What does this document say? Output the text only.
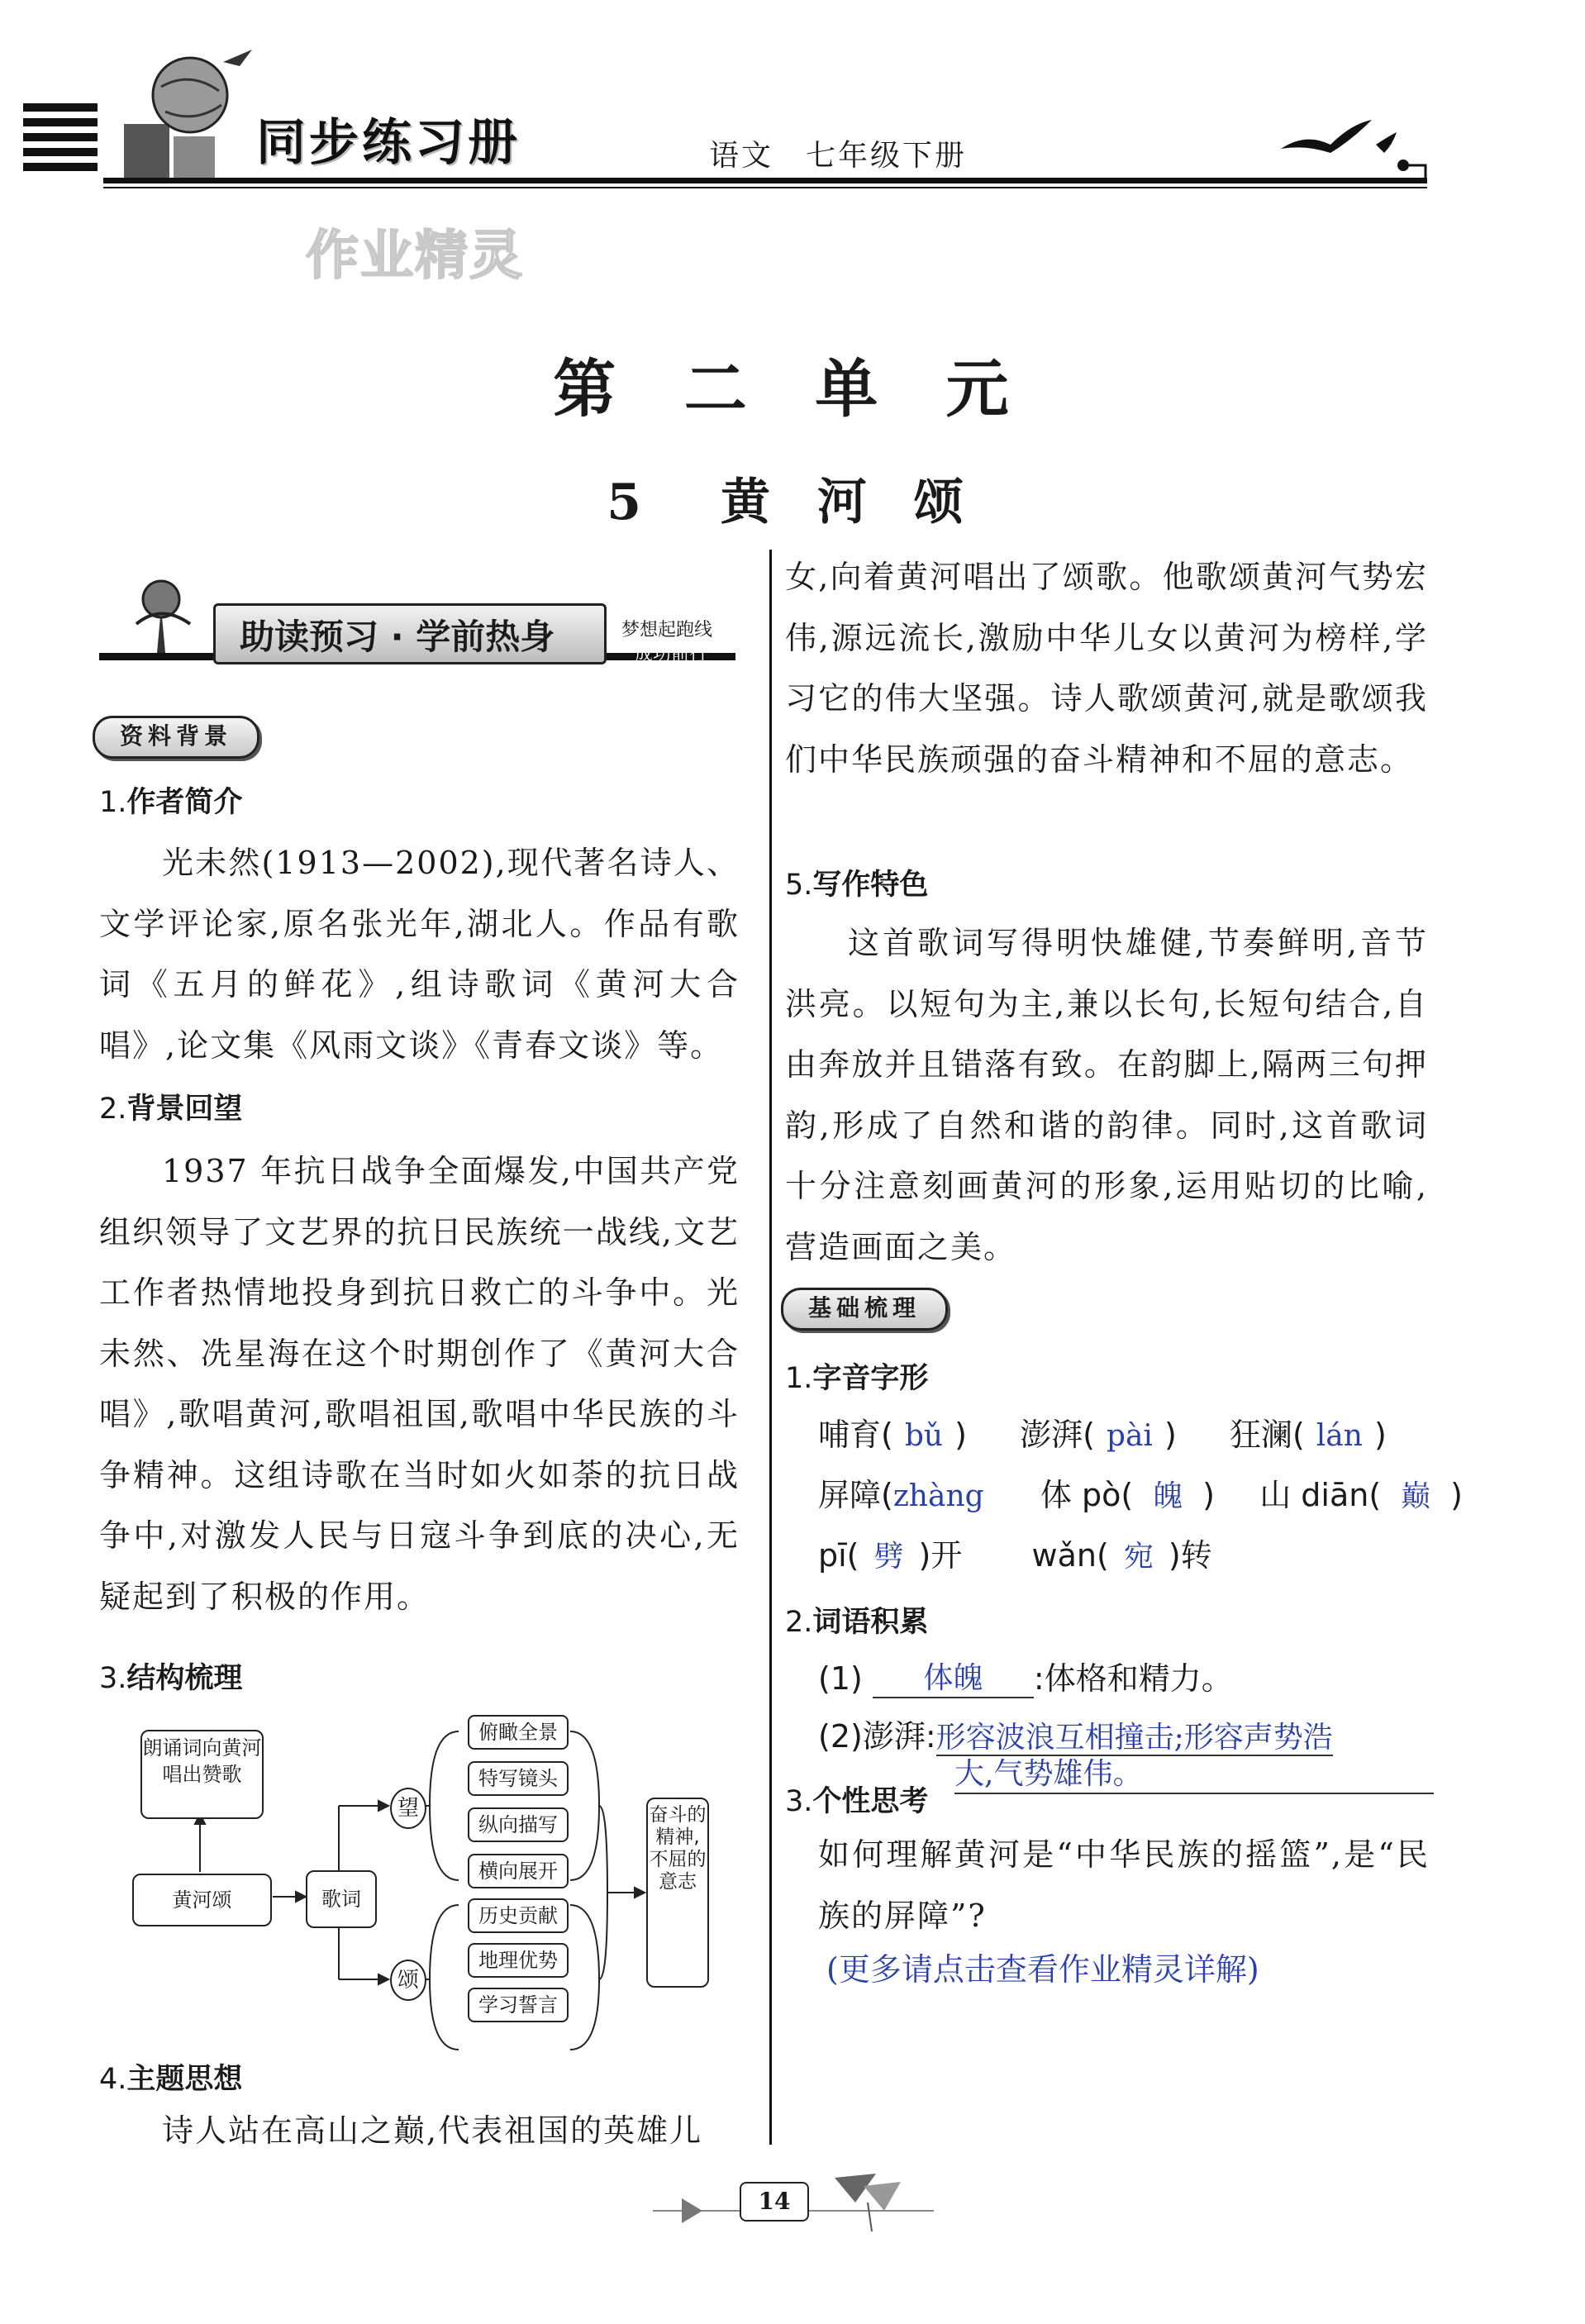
同步练习册	语文　七年级下册
作业精灵
第 二 单 元
5　黄 河 颂
助读预习 · 学前热身	梦想起跑线
成功前行
资料背景
1.作者简介
光未然(1913—2002),现代著名诗人、文学评论家,原名张光年,湖北人。作品有歌词《五月的鲜花》,组诗歌词《黄河大合唱》,论文集《风雨文谈》《青春文谈》等。
2.背景回望
1937 年抗日战争全面爆发,中国共产党组织领导了文艺界的抗日民族统一战线,文艺工作者热情地投身到抗日救亡的斗争中。光未然、冼星海在这个时期创作了《黄河大合唱》,歌唱黄河,歌唱祖国,歌唱中华民族的斗争精神。这组诗歌在当时如火如荼的抗日战争中,对激发人民与日寇斗争到底的决心,无疑起到了积极的作用。
3.结构梳理
朗诵词向黄河唱出赞歌
黄河颂	歌词
望
颂
俯瞰全景
特写镜头
纵向描写
横向展开
历史贡献
地理优势
学习誓言
奋斗的精神,不屈的意志
4.主题思想
诗人站在高山之巅,代表祖国的英雄儿
女,向着黄河唱出了颂歌。他歌颂黄河气势宏伟,源远流长,激励中华儿女以黄河为榜样,学习它的伟大坚强。诗人歌颂黄河,就是歌颂我们中华民族顽强的奋斗精神和不屈的意志。
5.写作特色
这首歌词写得明快雄健,节奏鲜明,音节洪亮。以短句为主,兼以长句,长短句结合,自由奔放并且错落有致。在韵脚上,隔两三句押韵,形成了自然和谐的韵律。同时,这首歌词十分注意刻画黄河的形象,运用贴切的比喻,营造画面之美。
基础梳理
1.字音字形
哺育( bǔ ) 澎湃( pài ) 狂澜( lán )
屏障(zhàng 体 pò( 魄 ) 山 diān( 巅 )
pī( 劈 )开 wǎn( 宛 )转
2.词语积累
(1) 体魄 :体格和精力。
(2)澎湃:形容波浪互相撞击;形容声势浩
大,气势雄伟。
3.个性思考
如何理解黄河是“中华民族的摇篮”,是“民族的屏障”?
(更多请点击查看作业精灵详解)
14
